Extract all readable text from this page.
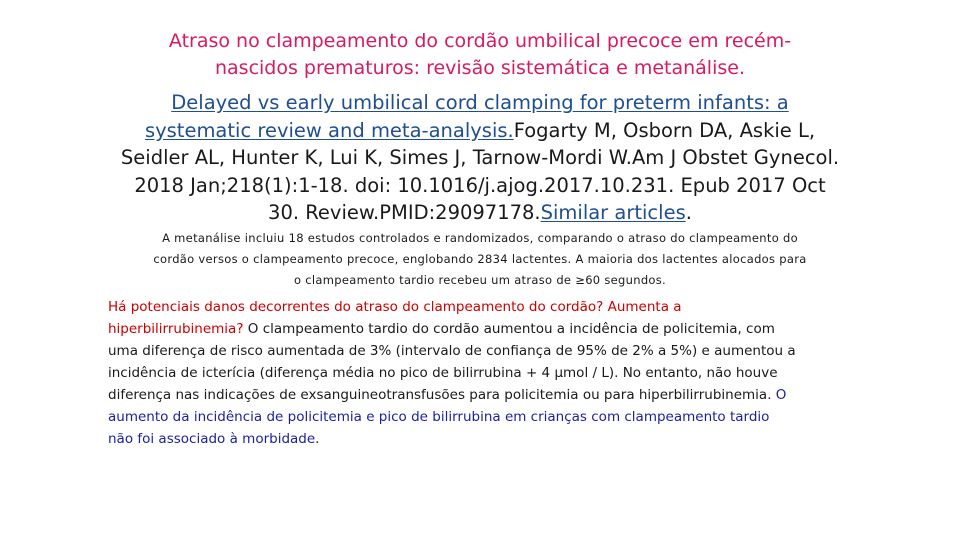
Atraso no clampeamento do cordão umbilical precoce em recém-
nascidos prematuros: revisão sistemática e metanálise.
Delayed vs early umbilical cord clamping for preterm infants: a systematic review and meta-analysis.Fogarty M, Osborn DA, Askie L, Seidler AL, Hunter K, Lui K, Simes J, Tarnow-Mordi W.Am J Obstet Gynecol. 2018 Jan;218(1):1-18. doi: 10.1016/j.ajog.2017.10.231. Epub 2017 Oct 30. Review.PMID:29097178.Similar articles.
A metanálise incluiu 18 estudos controlados e randomizados, comparando o atraso do clampeamento do
cordão versos o clampeamento precoce, englobando 2834 lactentes. A maioria dos lactentes alocados para
o clampeamento tardio recebeu um atraso de ≥60 segundos.
Há potenciais danos decorrentes do atraso do clampeamento do cordão? Aumenta a hiperbilirrubinemia? O clampeamento tardio do cordão aumentou a incidência de policitemia, com uma diferença de risco aumentada de 3% (intervalo de confiança de 95% de 2% a 5%) e aumentou a incidência de icterícia (diferença média no pico de bilirrubina + 4 µmol / L). No entanto, não houve diferença nas indicações de exsanguineotransfusões para policitemia ou para hiperbilirrubinemia. O aumento da incidência de policitemia e pico de bilirrubina em crianças com clampeamento tardio não foi associado à morbidade.
